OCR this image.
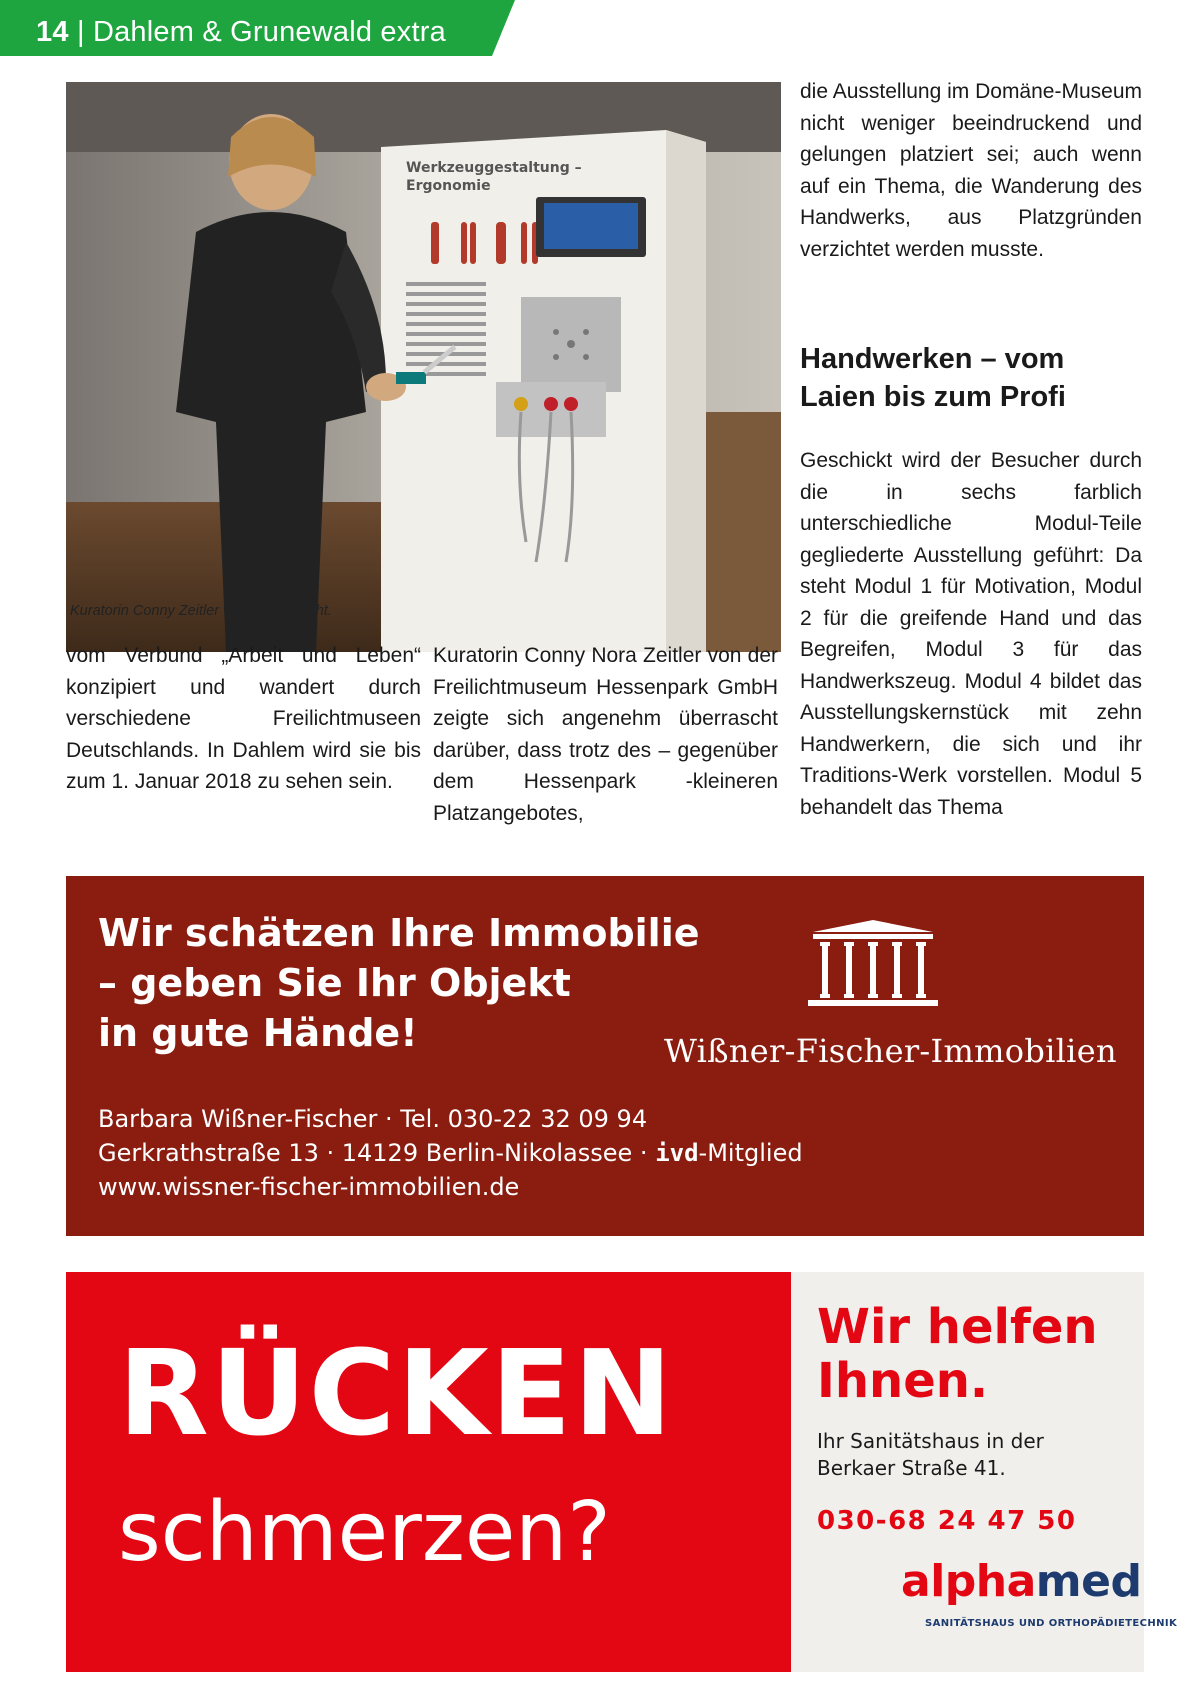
14 | Dahlem & Grunewald extra
Werkzeuggestaltung –
Ergonomie
Kuratorin Conny Zeitler weiß, wie´s geht.

die Ausstellung im Domäne-Museum nicht weniger beeindruckend und gelungen platziert sei; auch wenn auf ein Thema, die Wanderung des Handwerks, aus Platzgründen verzichtet werden musste.

Handwerken – vom Laien bis zum Profi

Geschickt wird der Besucher durch die in sechs farblich unterschiedliche Modul-Teile gegliederte Ausstellung geführt: Da steht Modul 1 für Motivation, Modul 2 für die greifende Hand und das Begreifen, Modul 3 für das Handwerkszeug. Modul 4 bildet das Ausstellungskernstück mit zehn Handwerkern, die sich und ihr Traditions-Werk vorstellen. Modul 5 behandelt das Thema

vom Verbund „Arbeit und Leben“ konzipiert und wandert durch verschiedene Freilichtmuseen Deutschlands. In Dahlem wird sie bis zum 1. Januar 2018 zu sehen sein.

Kuratorin Conny Nora Zeitler von der Freilichtmuseum Hessenpark GmbH zeigte sich angenehm überrascht darüber, dass trotz des – gegenüber dem Hessenpark -kleineren Platzangebotes,

Wir schätzen Ihre Immobilie
– geben Sie Ihr Objekt
in gute Hände!	Wißner-Fischer-Immobilien
Barbara Wißner-Fischer · Tel. 030-22 32 09 94
Gerkrathstraße 13 · 14129 Berlin-Nikolassee · ivd-Mitglied
www.wissner-fischer-immobilien.de
RÜCKEN
schmerzen?
Wir helfen
Ihnen.
Ihr Sanitätshaus in der
Berkaer Straße 41.
030-68 24 47 50
alphamed
SANITÄTSHAUS UND ORTHOPÄDIETECHNIK
